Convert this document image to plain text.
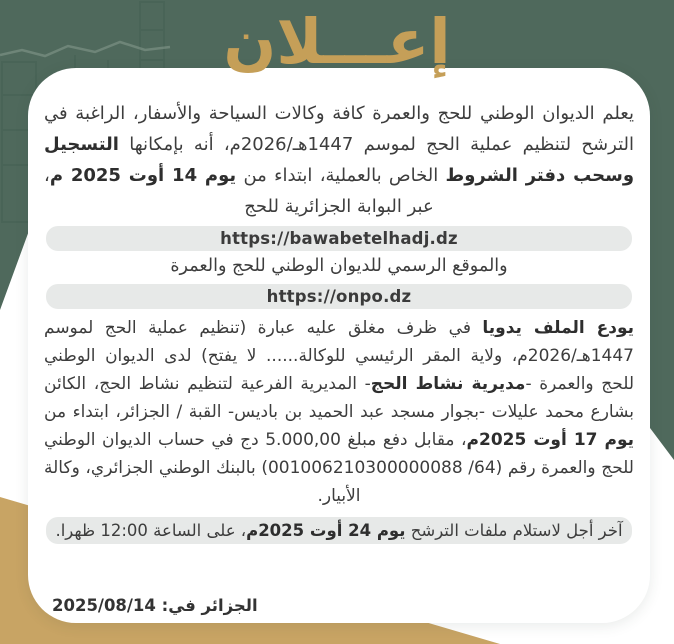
إعـــلان

يعلم الديوان الوطني للحج والعمرة كافة وكالات السياحة والأسفار، الراغبة في الترشح لتنظيم عملية الحج لموسم 1447هـ/2026م، أنه بإمكانها التسجيل وسحب دفتر الشروط الخاص بالعملية، ابتداء من يوم 14 أوت 2025 م، عبر البوابة الجزائرية للحج

https://bawabetelhadj.dz

والموقع الرسمي للديوان الوطني للحج والعمرة

https://onpo.dz

يودع الملف يدويا في ظرف مغلق عليه عبارة (تنظيم عملية الحج لموسم 1447هـ/2026م، ولاية المقر الرئيسي للوكالة...... لا يفتح) لدى الديوان الوطني للحج والعمرة -مديرية نشاط الحج- المديرية الفرعية لتنظيم نشاط الحج، الكائن بشارع محمد عليلات -بجوار مسجد عبد الحميد بن باديس- القبة / الجزائر، ابتداء من يوم 17 أوت 2025م، مقابل دفع مبلغ 5.000,00 دج في حساب الديوان الوطني للحج والعمرة رقم (64/ 001006210300000088) بالبنك الوطني الجزائري، وكالة الأبيار.

آخر أجل لاستلام ملفات الترشح يوم 24 أوت 2025م، على الساعة 12:00 ظهرا.

الجزائر في: 2025/08/14
